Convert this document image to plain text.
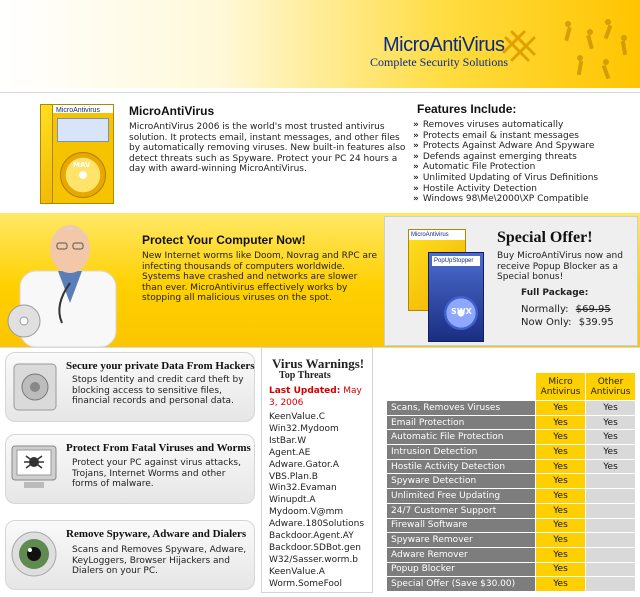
MicroAntiVirus
Complete Security Solutions
MicroAntivirus
MAV
MicroAntiVirus

MicroAntiVirus 2006 is the world's most trusted antivirus solution. It protects email, instant messages, and other files by automatically removing viruses. New built-in features also detect threats such as Spyware. Protect your PC 24 hours a day with award-winning MicroAntiVirus.

Features Include:
» Removes viruses automatically
» Protects email & instant messages
» Protects Against Adware And Spyware
» Defends against emerging threats
» Automatic File Protection
» Unlimited Updating of Virus Definitions
» Hostile Activity Detection
» Windows 98\Me\2000\XP Compatible
Protect Your Computer Now!

New Internet worms like Doom, Novrag and RPC are infecting thousands of computers worldwide. Systems have crashed and networks are slower than ever. MicroAntivirus effectively works by stopping all malicious viruses on the spot.

MicroAntivirus
PopUpStopper
SWX
Special Offer!

Buy MicroAntiVirus now and receive Popup Blocker as a Special bonus!

Full Package:
Normally: $69.95
Now Only: $39.95
Secure your private Data From Hackers

Stops Identity and credit card theft by blocking access to sensitive files, financial records and personal data.

Protect From Fatal Viruses and Worms

Protect your PC against virus attacks, Trojans, Internet Worms and other forms of malware.

Remove Spyware, Adware and Dialers

Scans and Removes Spyware, Adware, KeyLoggers, Browser Hijackers and Dialers on your PC.

Virus Warnings!
Top Threats
Last Updated: May 3, 2006
KeenValue.C
Win32.Mydoom
IstBar.W
Agent.AE
Adware.Gator.A
VBS.Plan.B
Win32.Evaman
Winupdt.A
Mydoom.V@mm
Adware.180Solutions
Backdoor.Agent.AY
Backdoor.SDBot.gen
W32/Sasser.worm.b
KeenValue.A
Worm.SomeFool
	Micro Antivirus	Other Antivirus
Scans, Removes Viruses	Yes	Yes
Email Protection	Yes	Yes
Automatic File Protection	Yes	Yes
Intrusion Detection	Yes	Yes
Hostile Activity Detection	Yes	Yes
Spyware Detection	Yes	
Unlimited Free Updating	Yes	
24/7 Customer Support	Yes	
Firewall Software	Yes	
Spyware Remover	Yes	
Adware Remover	Yes	
Popup Blocker	Yes	
Special Offer (Save $30.00)	Yes	
